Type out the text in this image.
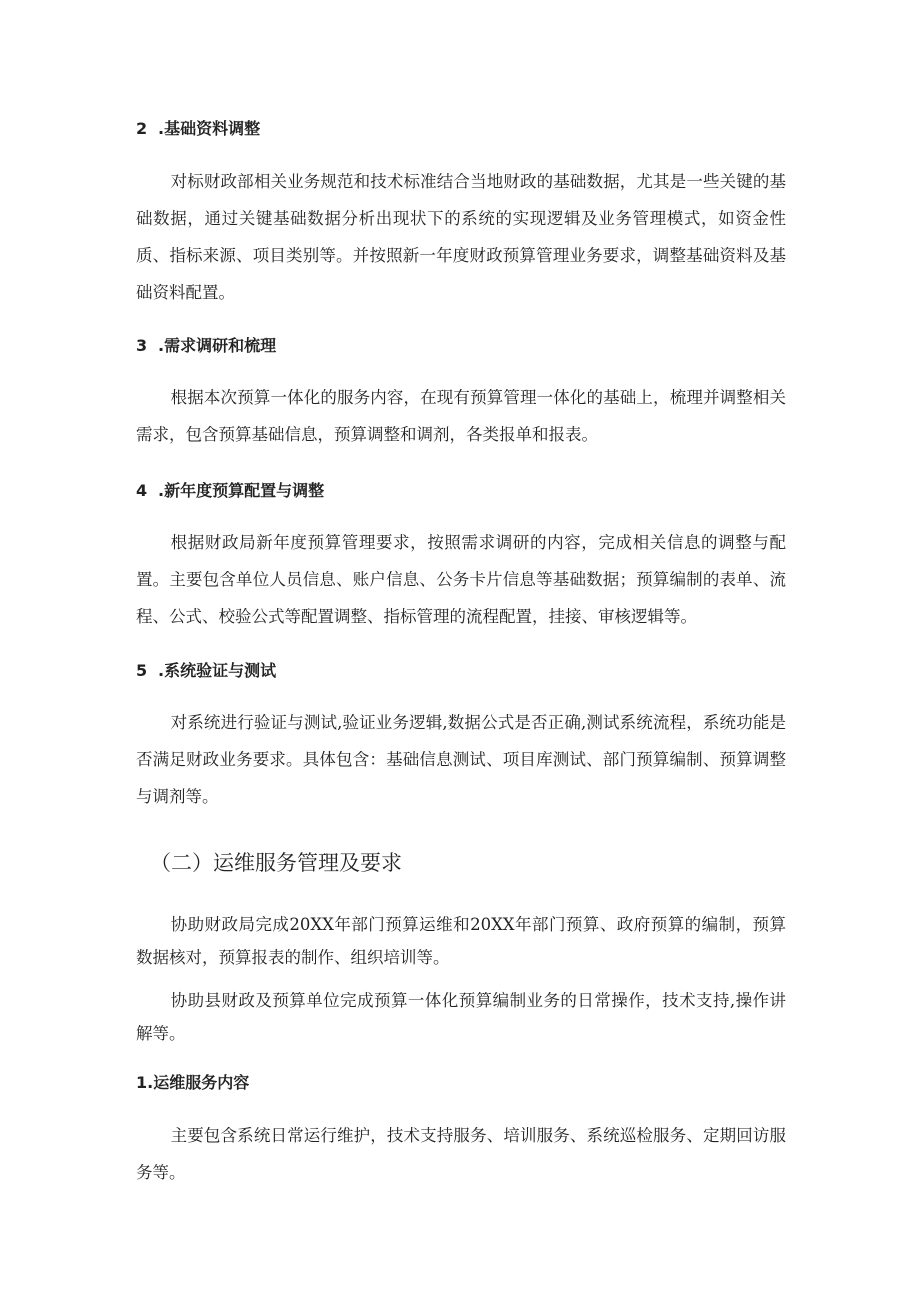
2 .基础资料调整
对标财政部相关业务规范和技术标准结合当地财政的基础数据，尤其是一些关键的基础数据，通过关键基础数据分析出现状下的系统的实现逻辑及业务管理模式，如资金性质、指标来源、项目类别等。并按照新一年度财政预算管理业务要求，调整基础资料及基础资料配置。
3 .需求调研和梳理
根据本次预算一体化的服务内容，在现有预算管理一体化的基础上，梳理并调整相关需求，包含预算基础信息，预算调整和调剂，各类报单和报表。
4 .新年度预算配置与调整
根据财政局新年度预算管理要求，按照需求调研的内容，完成相关信息的调整与配置。主要包含单位人员信息、账户信息、公务卡片信息等基础数据；预算编制的表单、流程、公式、校验公式等配置调整、指标管理的流程配置，挂接、审核逻辑等。
5 .系统验证与测试
对系统进行验证与测试,验证业务逻辑,数据公式是否正确,测试系统流程，系统功能是否满足财政业务要求。具体包含：基础信息测试、项目库测试、部门预算编制、预算调整与调剂等。
（二）运维服务管理及要求
协助财政局完成20XX年部门预算运维和20XX年部门预算、政府预算的编制，预算数据核对，预算报表的制作、组织培训等。
协助县财政及预算单位完成预算一体化预算编制业务的日常操作，技术支持,操作讲解等。
1.运维服务内容
主要包含系统日常运行维护，技术支持服务、培训服务、系统巡检服务、定期回访服务等。
